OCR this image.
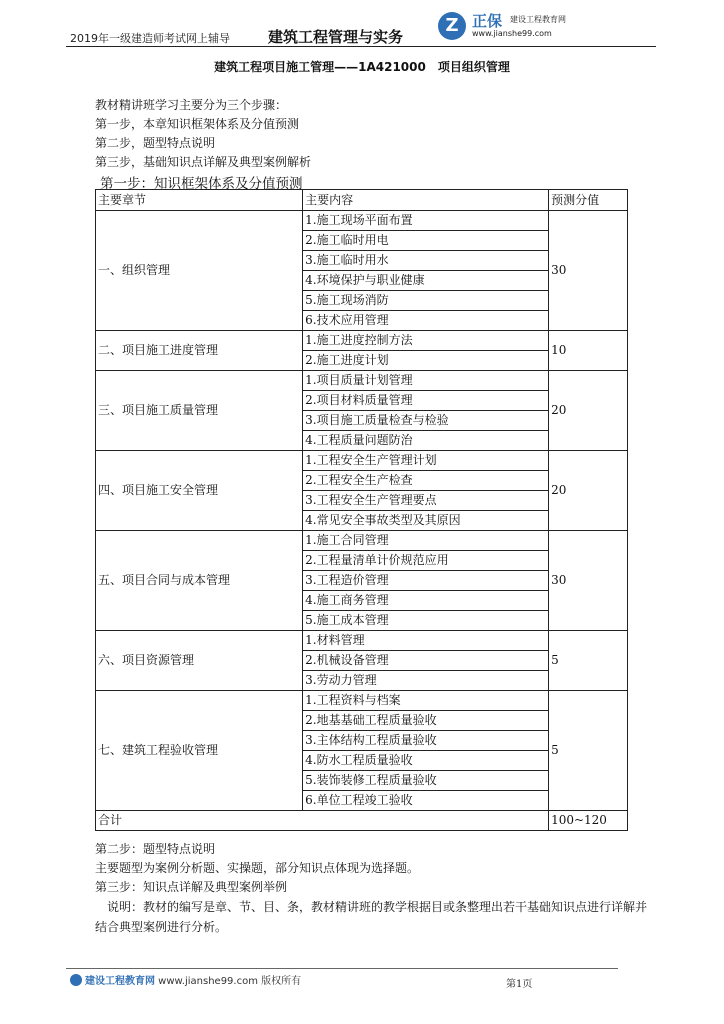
2019年一级建造师考试网上辅导	建筑工程管理与实务
Z 正保 建设工程教育网
www.jianshe99.com
建筑工程项目施工管理——1A421000　项目组织管理
教材精讲班学习主要分为三个步骤：
第一步，本章知识框架体系及分值预测
第二步，题型特点说明
第三步，基础知识点详解及典型案例解析
第一步：知识框架体系及分值预测
主要章节	主要内容	预测分值
一、组织管理	1.施工现场平面布置	30
	2.施工临时用电	
	3.施工临时用水	
	4.环境保护与职业健康	
	5.施工现场消防	
	6.技术应用管理	
二、项目施工进度管理	1.施工进度控制方法	10
	2.施工进度计划	
三、项目施工质量管理	1.项目质量计划管理	20
	2.项目材料质量管理	
	3.项目施工质量检查与检验	
	4.工程质量问题防治	
四、项目施工安全管理	1.工程安全生产管理计划	20
	2.工程安全生产检查	
	3.工程安全生产管理要点	
	4.常见安全事故类型及其原因	
五、项目合同与成本管理	1.施工合同管理	30
	2.工程量清单计价规范应用	
	3.工程造价管理	
	4.施工商务管理	
	5.施工成本管理	
六、项目资源管理	1.材料管理	5
	2.机械设备管理	
	3.劳动力管理	
七、建筑工程验收管理	1.工程资料与档案	5
	2.地基基础工程质量验收	
	3.主体结构工程质量验收	
	4.防水工程质量验收	
	5.装饰装修工程质量验收	
	6.单位工程竣工验收	
合计		100~120
第二步：题型特点说明
主要题型为案例分析题、实操题，部分知识点体现为选择题。
第三步：知识点详解及典型案例举例
　说明：教材的编写是章、节、目、条，教材精讲班的教学根据目或条整理出若干基础知识点进行详解并
结合典型案例进行分析。
建设工程教育网 www.jianshe99.com 版权所有	第1页
